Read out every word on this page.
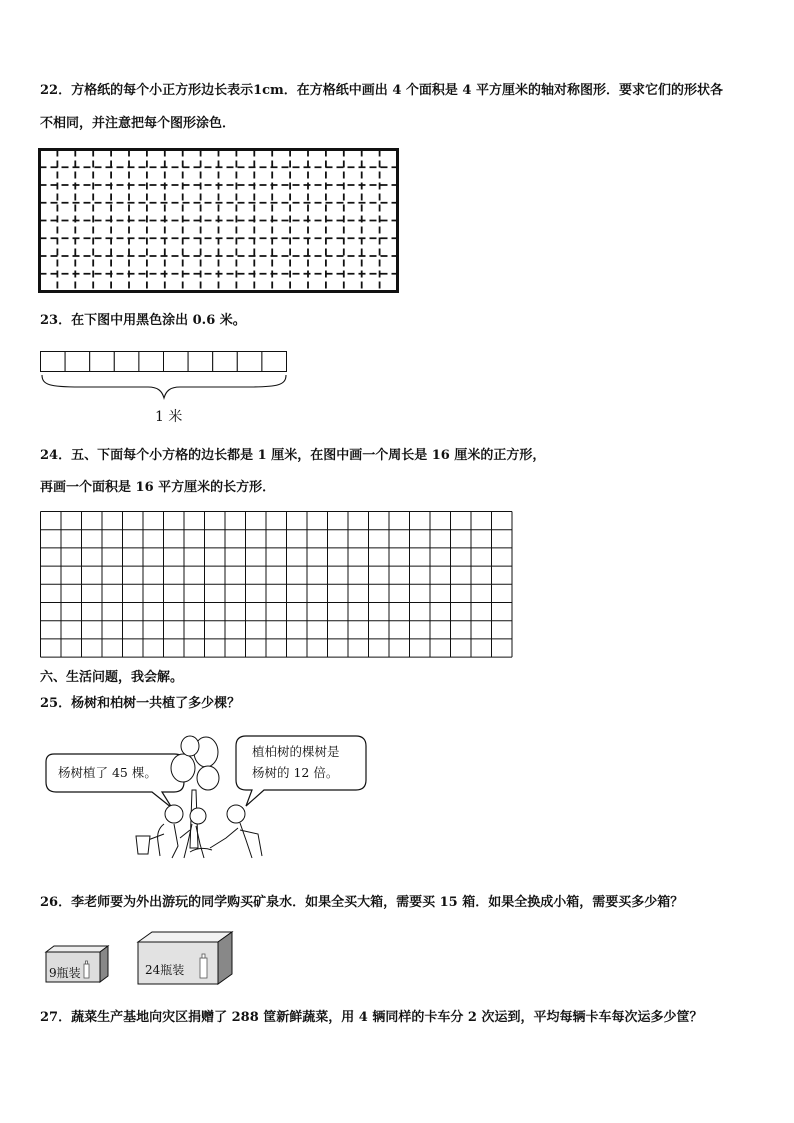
22．方格纸的每个小正方形边长表示1cm．在方格纸中画出 4 个面积是 4 平方厘米的轴对称图形．要求它们的形状各
不相同，并注意把每个图形涂色．
23．在下图中用黑色涂出 0.6 米。
1 米
24．五、下面每个小方格的边长都是 1 厘米，在图中画一个周长是 16 厘米的正方形，
再画一个面积是 16 平方厘米的长方形．
六、生活问题，我会解。
25．杨树和柏树一共植了多少棵？
杨树植了 45 棵。
植柏树的棵树是
杨树的 12 倍。
26．李老师要为外出游玩的同学购买矿泉水．如果全买大箱，需要买 15 箱．如果全换成小箱，需要买多少箱？
9瓶装	24瓶装
27．蔬菜生产基地向灾区捐赠了 288 筐新鲜蔬菜，用 4 辆同样的卡车分 2 次运到，平均每辆卡车每次运多少筐？
